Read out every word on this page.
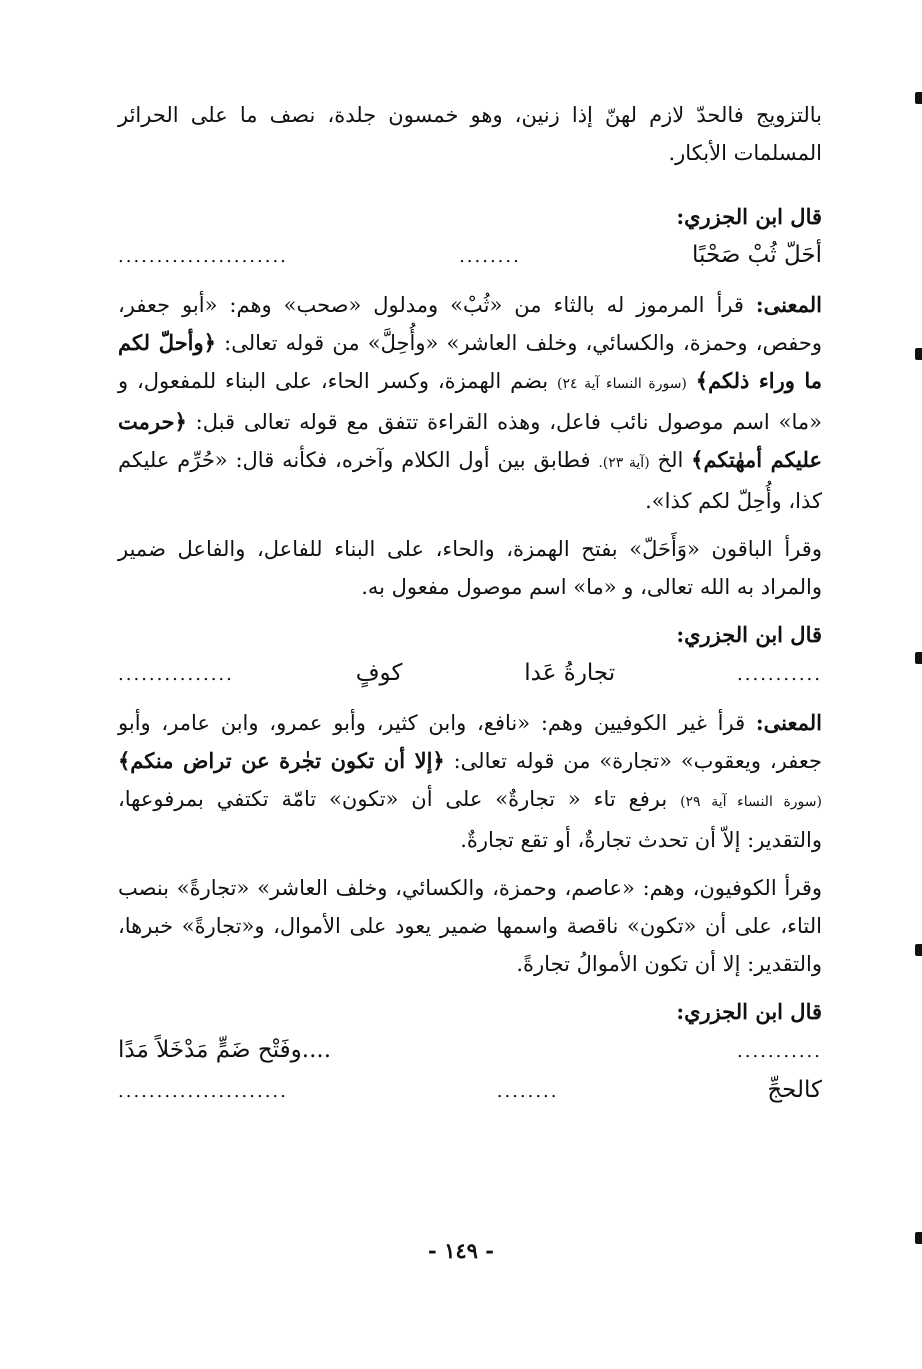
بالتزويج فالحدّ لازم لهنّ إذا زنين، وهو خمسون جلدة، نصف ما على الحرائر المسلمات الأبكار.

قال ابن الجزري:

أحَلّ ثُبْ صَحْبًا
........
......................

المعنى: قرأ المرموز له بالثاء من «ثُبْ» ومدلول «صحب» وهم: «أبو جعفر، وحفص، وحمزة، والكسائي، وخلف العاشر» «وأُحِلَّ» من قوله تعالى: ﴿وأحلّ لكم ما وراء ذلكم﴾ (سورة النساء آية ٢٤) بضم الهمزة، وكسر الحاء، على البناء للمفعول، و «ما» اسم موصول نائب فاعل، وهذه القراءة تتفق مع قوله تعالى قبل: ﴿حرمت عليكم أمهٰتكم﴾ الخ (آية ٢٣). فطابق بين أول الكلام وآخره، فكأنه قال: «حُرِّم عليكم كذا، وأُحِلّ لكم كذا».

وقرأ الباقون «وَأَحَلّ» بفتح الهمزة، والحاء، على البناء للفاعل، والفاعل ضمير والمراد به الله تعالى، و «ما» اسم موصول مفعول به.

قال ابن الجزري:

...........
تجارةُ عَدا
كوفٍ
...............

المعنى: قرأ غير الكوفيين وهم: «نافع، وابن كثير، وأبو عمرو، وابن عامر، وأبو جعفر، ويعقوب» «تجارة» من قوله تعالى: ﴿إلا أن تكون تجٰرة عن تراض منكم﴾ (سورة النساء آية ٢٩) برفع تاء « تجارةٌ» على أن «تكون» تامّة تكتفي بمرفوعها، والتقدير: إلاّ أن تحدث تجارةٌ، أو تقع تجارةٌ.

وقرأ الكوفيون، وهم: «عاصم، وحمزة، والكسائي، وخلف العاشر» «تجارةً» بنصب التاء، على أن «تكون» ناقصة واسمها ضمير يعود على الأموال، و«تجارةً» خبرها، والتقدير: إلا أن تكون الأموالُ تجارةً.

قال ابن الجزري:

...........
....وفَتْح ضَمٍّ مَدْخَلاً مَدًا
كالحجِّ
........
......................
- ١٤٩ -
